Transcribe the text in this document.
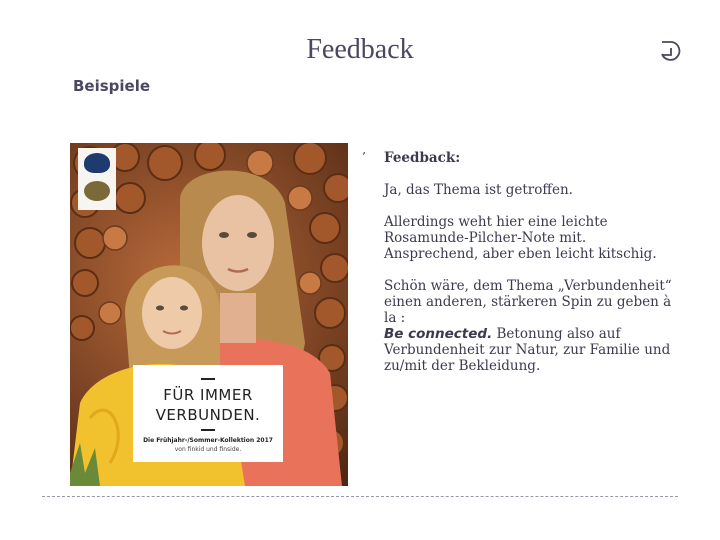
Feedback
Beispiele
FÜR IMMER
VERBUNDEN.
Die Frühjahr-/Sommer-Kollektion 2017
von finkid und finside.
’ Feedback:

Ja, das Thema ist getroffen.

Allerdings weht hier eine leichte Rosamunde-Pilcher-Note mit. Ansprechend, aber eben leicht kitschig.

Schön wäre, dem Thema „Verbundenheit“ einen anderen, stärkeren Spin zu geben à la :
Be connected. Betonung also auf Verbundenheit zur Natur, zur Familie und zu/mit der Bekleidung.
